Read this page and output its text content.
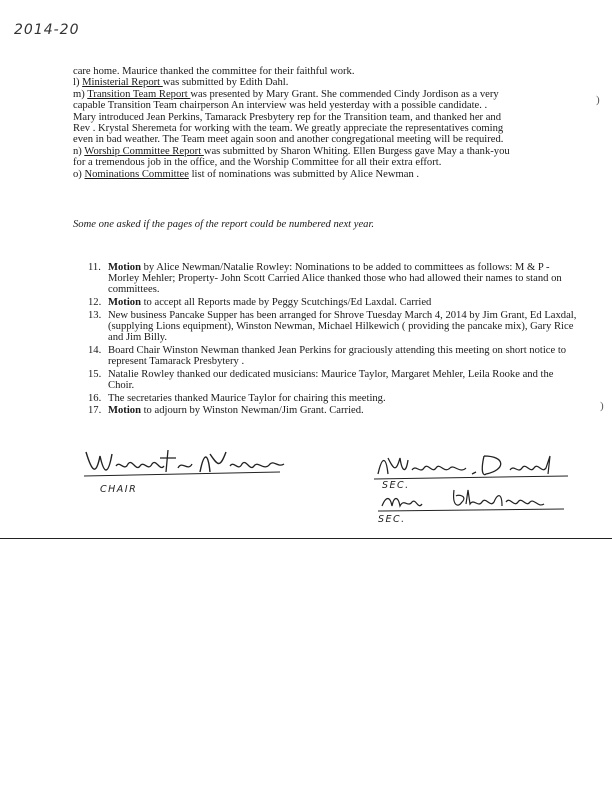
2014-20

care home. Maurice thanked the committee for their faithful work.

l) Ministerial Report was submitted by Edith Dahl.

m) Transition Team Report was presented by Mary Grant. She commended Cindy Jordison as a very

capable Transition Team chairperson An interview was held yesterday with a possible candidate. .

Mary introduced Jean Perkins, Tamarack Presbytery rep for the Transition team, and thanked her and

Rev . Krystal Sheremeta for working with the team. We greatly appreciate the representatives coming

even in bad weather. The Team meet again soon and another congregational meeting will be required.

n) Worship Committee Report was submitted by Sharon Whiting. Ellen Burgess gave May a thank-you

for a tremendous job in the office, and the Worship Committee for all their extra effort.

o) Nominations Committee list of nominations was submitted by Alice Newman .

Some one asked if the pages of the report could be numbered next year.
11. Motion by Alice Newman/Natalie Rowley: Nominations to be added to committees as follows: M & P -Morley Mehler; Property- John Scott Carried Alice thanked those who had allowed their names to stand on committees.
12. Motion to accept all Reports made by Peggy Scutchings/Ed Laxdal. Carried
13. New business Pancake Supper has been arranged for Shrove Tuesday March 4, 2014 by Jim Grant, Ed Laxdal, (supplying Lions equipment), Winston Newman, Michael Hilkewich ( providing the pancake mix), Gary Rice and Jim Billy.
14. Board Chair Winston Newman thanked Jean Perkins for graciously attending this meeting on short notice to represent Tamarack Presbytery .
15. Natalie Rowley thanked our dedicated musicians: Maurice Taylor, Margaret Mehler, Leila Rooke and the Choir.
16. The secretaries thanked Maurice Taylor for chairing this meeting.
17. Motion to adjourn by Winston Newman/Jim Grant. Carried.
CHAIR	SEC.
SEC.
)
)
